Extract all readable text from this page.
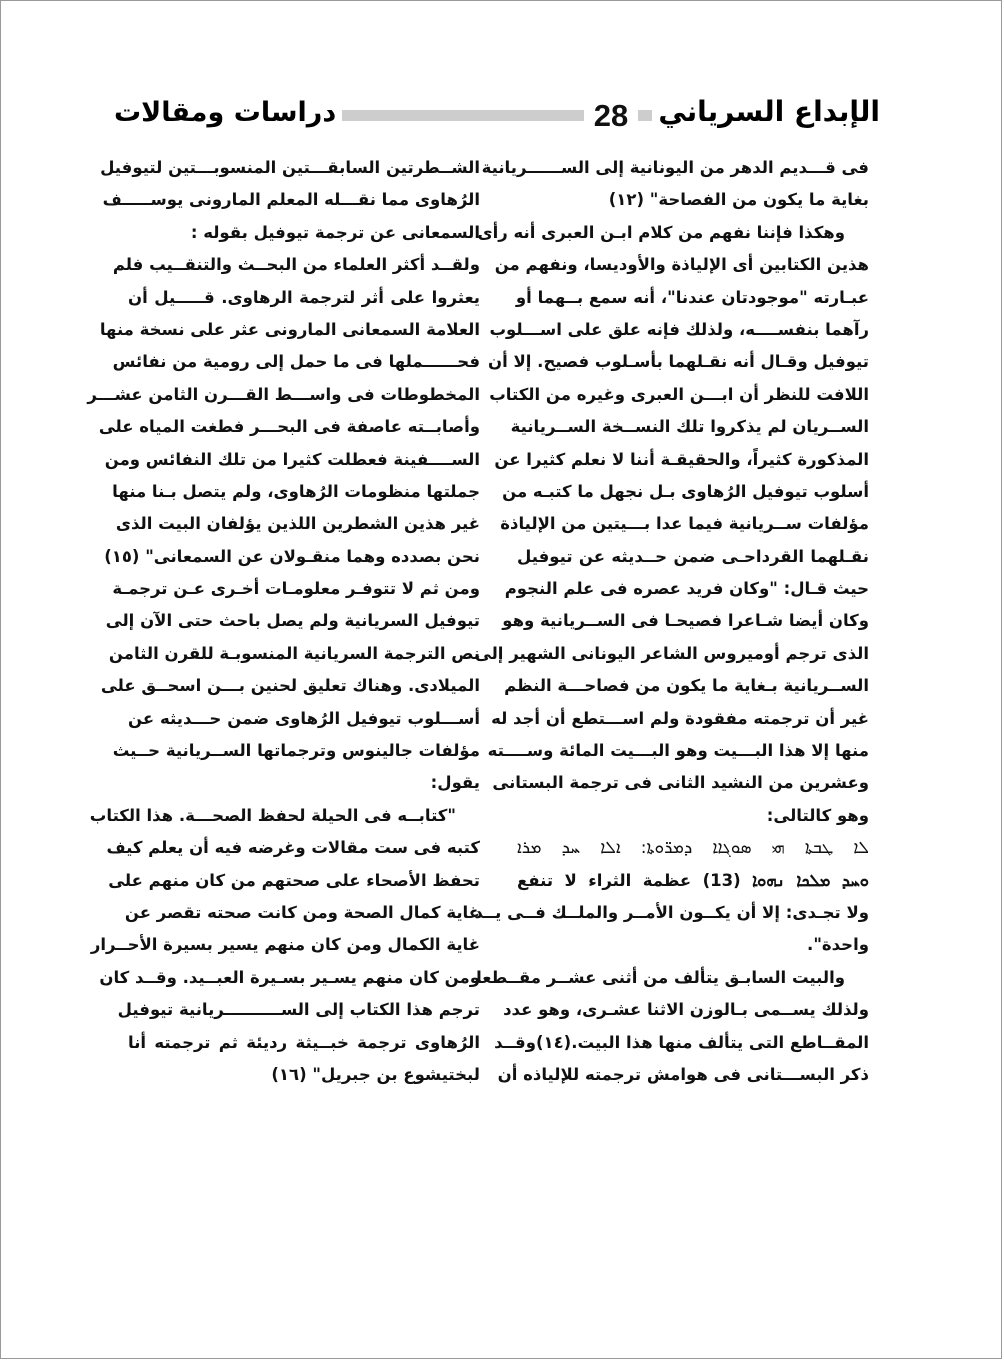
دراسات ومقالات	28	الإبداع السرياني
فى قـــديم الدهر من اليونانية إلى الســــــريانية
بغاية ما يكون من الفصاحة" (١٢)
وهكذا فإننا نفهم من كلام ابـن العبرى أنه رأى
هذين الكتابين أى الإلياذة والأوديسا، ونفهم من
عبـارته "موجودتان عندنا"، أنه سمع بــهما أو
رآهما بنفســــه، ولذلك فإنه علق على اســـلوب
تيوفيل وقـال أنه نقـلهما بأسـلوب فصيح. إلا أن
اللافت للنظر أن ابـــن العبرى وغيره من الكتاب
الســريان لم يذكروا تلك النســخة الســريانية
المذكورة كثيراً، والحقيقـة أننا لا نعلم كثيرا عن
أسلوب تيوفيل الرُهاوى بـل نجهل ما كتبـه من
مؤلفات ســريانية فيما عدا بـــيتين من الإلياذة
نقـلهما القرداحـى ضمن حــديثه عن تيوفيل
حيث قـال: "وكان فريد عصره فى علم النجوم
وكان أيضا شـاعرا فصيحـا فى الســريانية وهو
الذى ترجم أوميروس الشاعر اليونانى الشهير إلى
الســريانية بـغاية ما يكون من فصاحـــة النظم
غير أن ترجمته مفقودة ولم اســـتطع أن أجد له
منها إلا هذا البـــيت وهو البـــيت المائة وســــته
وعشرين من النشيد الثانى فى ترجمة البستانى
وهو كالتالى:
ܠܐ ܛܒܬܐ ܗܝ ܣܘܓܐܐ ܕܡܪ̈ܘܬܐ: ܐܠܐ ܚܕ ܡܪܐ
ܘܚܕ ܡܠܟܐ ܢܗܘܐ (13) عظمة الثراء لا تنفع
ولا تجـدى: إلا أن يكــون الأمــر والملــك فــى يــد
واحدة".
والبيت السابـق يتألف من أثنى عشــر مقــطعا
ولذلك يســمى بـالوزن الاثنا عشـرى، وهو عدد
المقــاطع التى يتألف منها هذا البيت.(١٤)وقــد
ذكر البســـتانى فى هوامش ترجمته للإلياذه أن
الشــطرتين السابقـــتين المنسوبـــتين لتيوفيل
الرُهاوى مما نقـــله المعلم المارونى يوســـــف
السمعانى عن ترجمة تيوفيل بقوله :
ولقــد أكثر العلماء من البحــث والتنقــيب فلم
يعثروا على أثر لترجمة الرهاوى. قـــــيل أن
العلامة السمعانى المارونى عثر على نسخة منها
فحــــــملها فى ما حمل إلى رومية من نفائس
المخطوطات فى واســـط القـــرن الثامن عشـــر
وأصابــته عاصفة فى البحـــر فطغت المياه على
الســــفينة فعطلت كثيرا من تلك النفائس ومن
جملتها منظومات الرُهاوى، ولم يتصل بـنا منها
غير هذين الشطرين اللذين يؤلفان البيت الذى
نحن بصدده وهما منقـولان عن السمعانى" (١٥)
ومن ثم لا تتوفـر معلومـات أخـرى عـن ترجمـة
تيوفيل السريانية ولم يصل باحث حتى الآن إلى
نص الترجمة السريانية المنسوبـة للقرن الثامن
الميلادى. وهناك تعليق لحنين بـــن اسحــق على
أســـلوب تيوفيل الرُهاوى ضمن حـــديثه عن
مؤلفات جالينوس وترجماتها الســريانية حــيث
يقول:
"كتابــه فى الحيلة لحفظ الصحـــة. هذا الكتاب
كتبه فى ست مقالات وغرضه فيه أن يعلم كيف
تحفظ الأصحاء على صحتهم من كان منهم على
غاية كمال الصحة ومن كانت صحته تقصر عن
غاية الكمال ومن كان منهم يسير بسيرة الأحــرار
ومن كان منهم يسـير بسـيرة العبــيد. وقــد كان
ترجم هذا الكتاب إلى الســــــــــريانية تيوفيل
الرُهاوى ترجمة خبــيثة رديئة ثم ترجمته أنا
لبختيشوع بن جبريل" (١٦)
